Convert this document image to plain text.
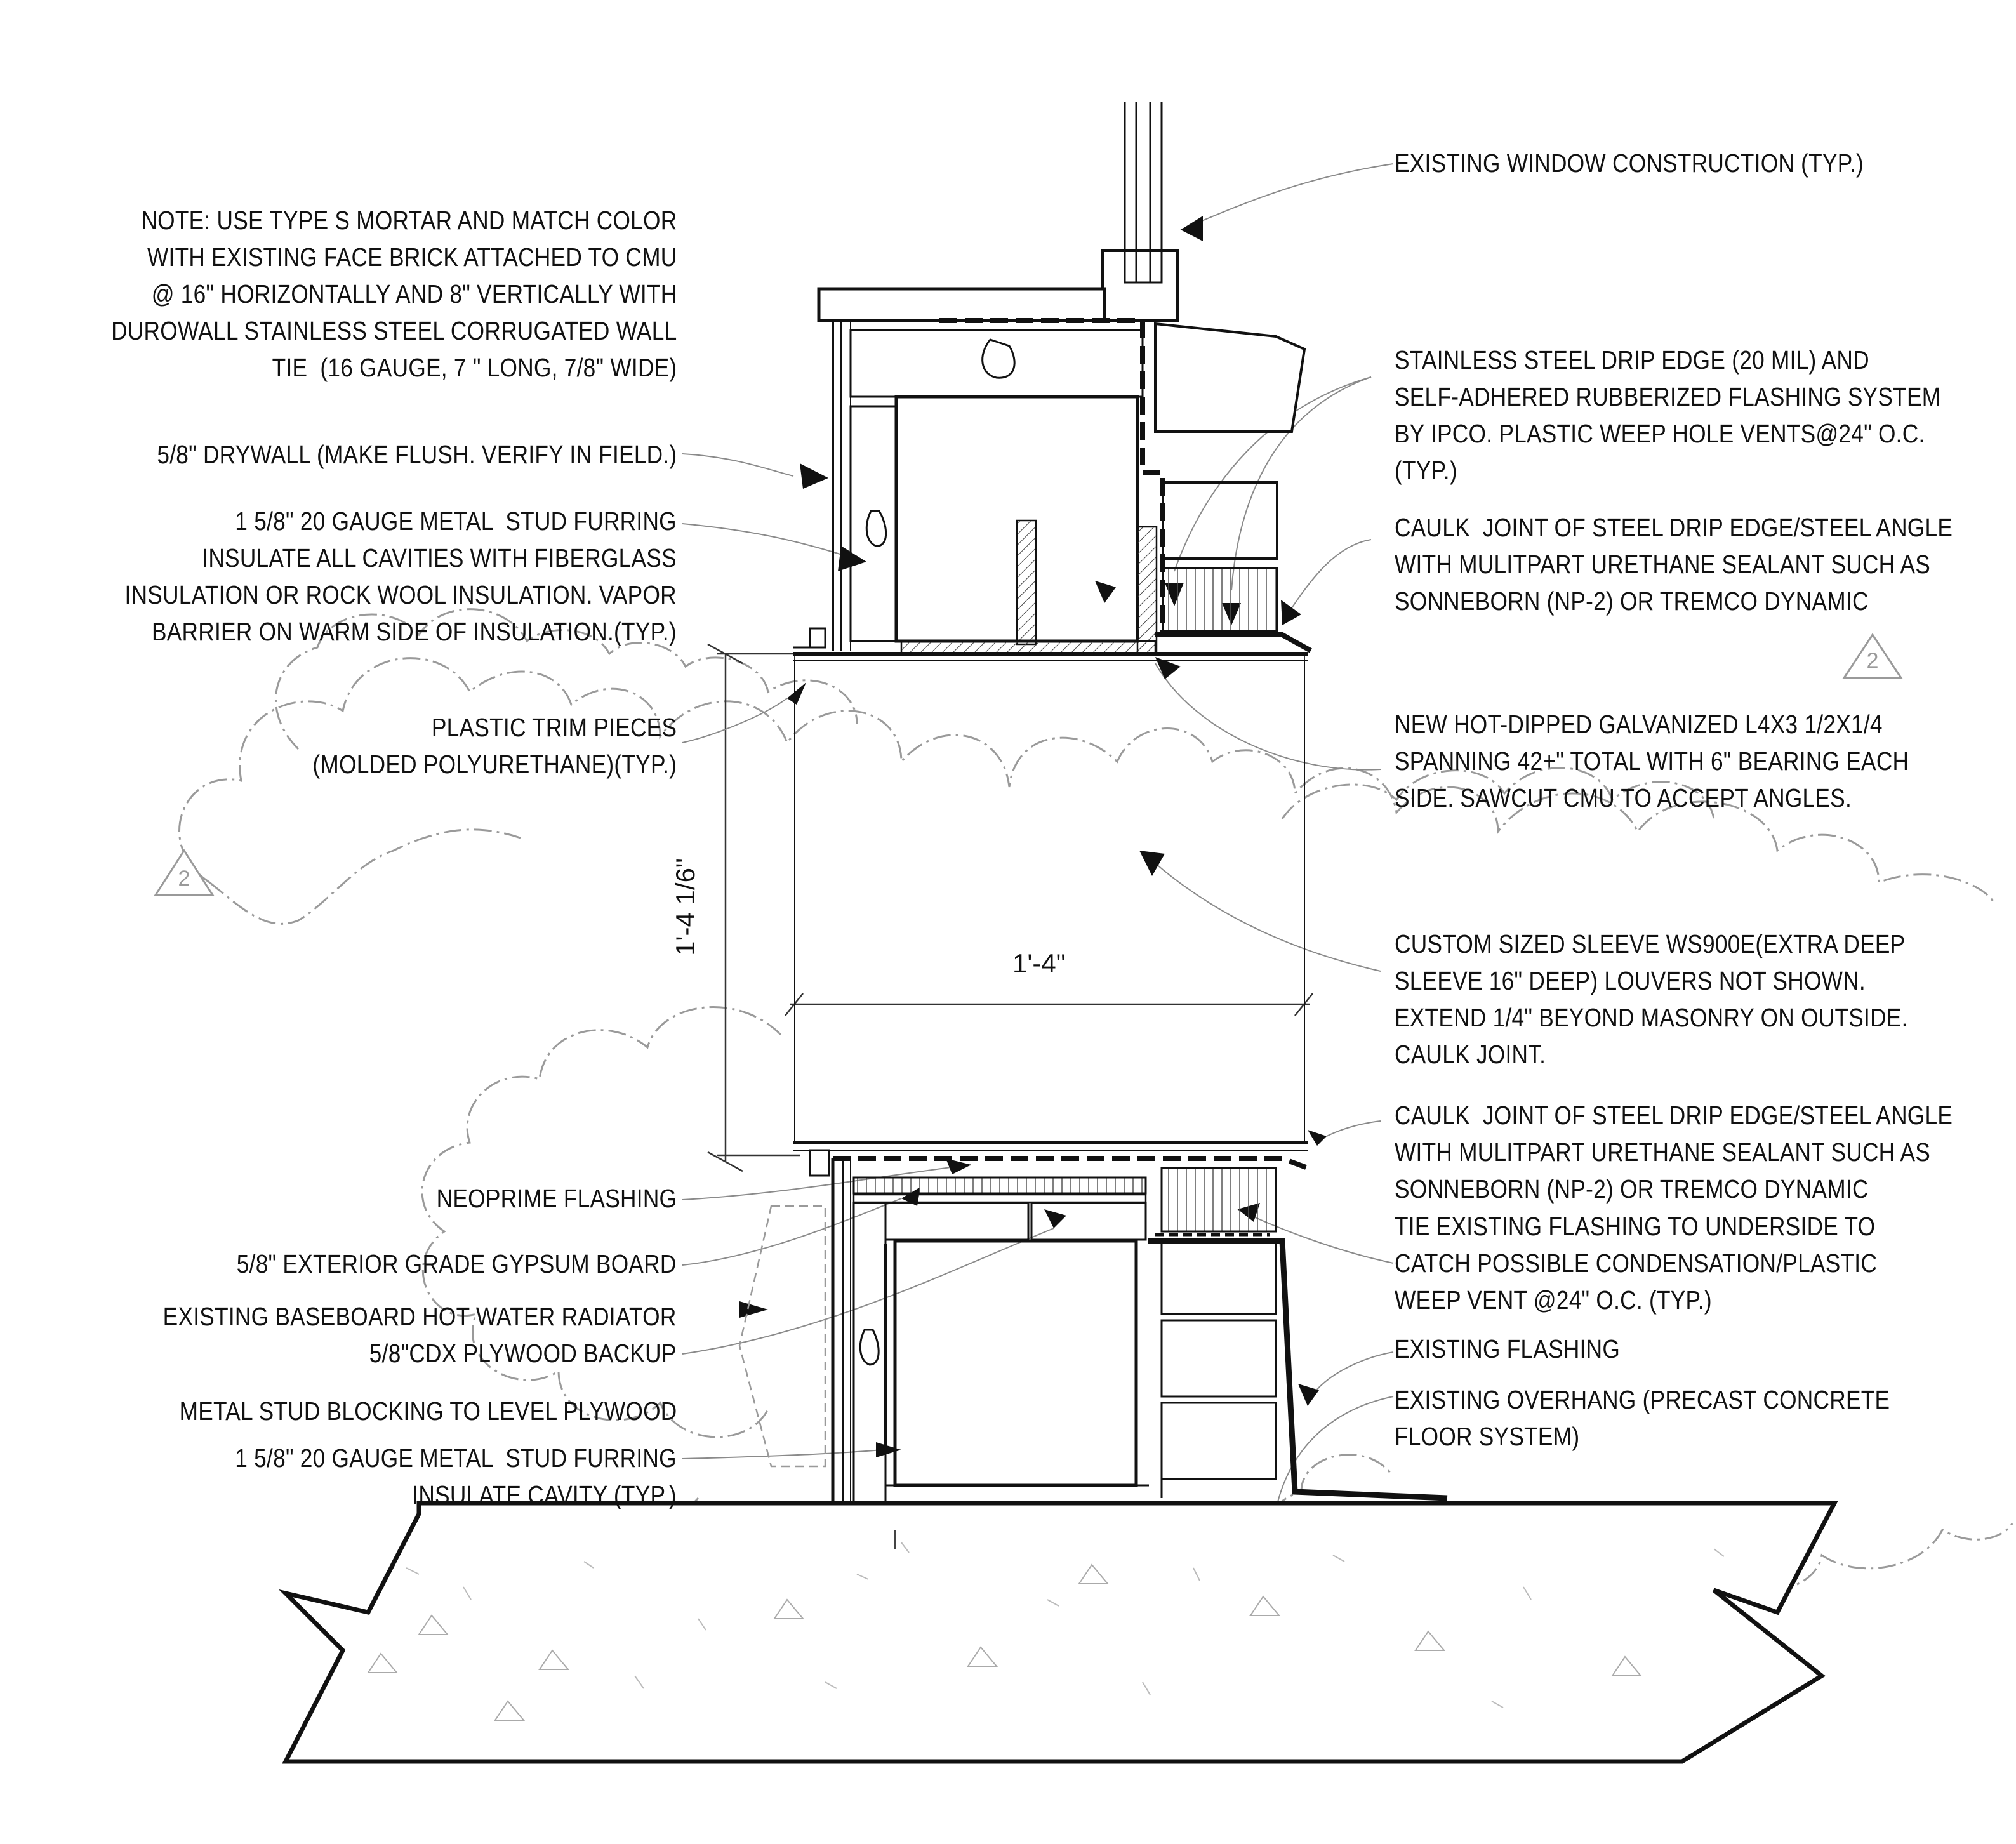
NOTE: USE TYPE S MORTAR AND MATCH COLOR
WITH EXISTING FACE BRICK ATTACHED TO CMU
@ 16" HORIZONTALLY AND 8" VERTICALLY WITH
DUROWALL STAINLESS STEEL CORRUGATED WALL
TIE  (16 GAUGE, 7 " LONG, 7/8" WIDE)
5/8" DRYWALL (MAKE FLUSH. VERIFY IN FIELD.)
1 5/8" 20 GAUGE METAL  STUD FURRING
INSULATE ALL CAVITIES WITH FIBERGLASS
INSULATION OR ROCK WOOL INSULATION. VAPOR
BARRIER ON WARM SIDE OF INSULATION.(TYP.)
PLASTIC TRIM PIECES
(MOLDED POLYURETHANE)(TYP.)
NEOPRIME FLASHING
5/8" EXTERIOR GRADE GYPSUM BOARD
EXISTING BASEBOARD HOT WATER RADIATOR
5/8"CDX PLYWOOD BACKUP
METAL STUD BLOCKING TO LEVEL PLYWOOD
1 5/8" 20 GAUGE METAL  STUD FURRING
INSULATE CAVITY (TYP.)
EXISTING WINDOW CONSTRUCTION (TYP.)
STAINLESS STEEL DRIP EDGE (20 MIL) AND
SELF-ADHERED RUBBERIZED FLASHING SYSTEM
BY IPCO. PLASTIC WEEP HOLE VENTS@24" O.C.
(TYP.)
CAULK  JOINT OF STEEL DRIP EDGE/STEEL ANGLE
WITH MULITPART URETHANE SEALANT SUCH AS
SONNEBORN (NP-2) OR TREMCO DYNAMIC
NEW HOT-DIPPED GALVANIZED L4X3 1/2X1/4
SPANNING 42+" TOTAL WITH 6" BEARING EACH
SIDE. SAWCUT CMU TO ACCEPT ANGLES.
CUSTOM SIZED SLEEVE WS900E(EXTRA DEEP
SLEEVE 16" DEEP) LOUVERS NOT SHOWN.
EXTEND 1/4" BEYOND MASONRY ON OUTSIDE.
CAULK JOINT.
CAULK  JOINT OF STEEL DRIP EDGE/STEEL ANGLE
WITH MULITPART URETHANE SEALANT SUCH AS
SONNEBORN (NP-2) OR TREMCO DYNAMIC
TIE EXISTING FLASHING TO UNDERSIDE TO
CATCH POSSIBLE CONDENSATION/PLASTIC
WEEP VENT @24" O.C. (TYP.)
EXISTING FLASHING
EXISTING OVERHANG (PRECAST CONCRETE
FLOOR SYSTEM)
1'-4"
1'-4 1/6"
2
2
